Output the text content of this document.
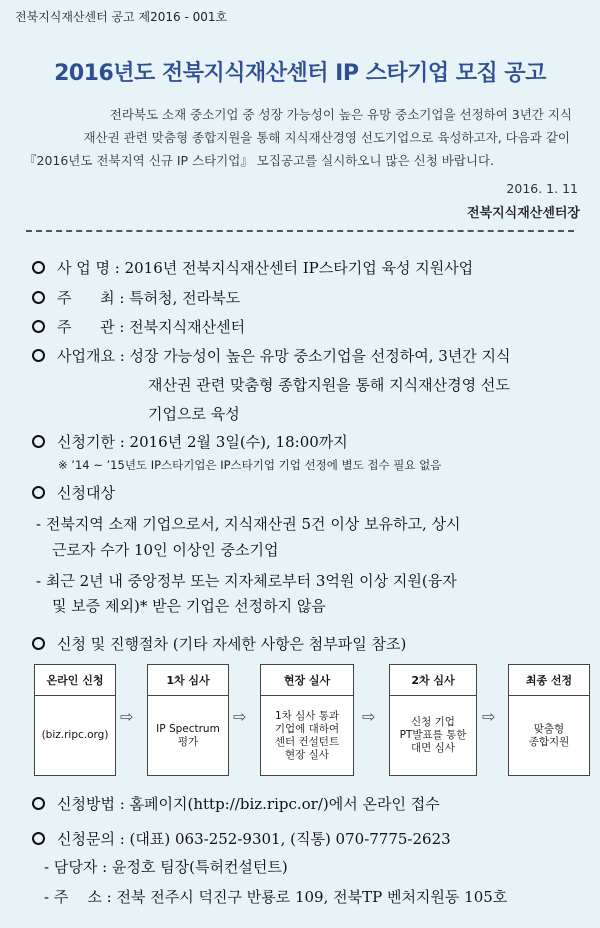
전북지식재산센터 공고 제2016 - 001호
2016년도 전북지식재산센터 IP 스타기업 모집 공고
전라북도 소재 중소기업 중 성장 가능성이 높은 유망 중소기업을 선정하여 3년간 지식
재산권 관련 맞춤형 종합지원을 통해 지식재산경영 선도기업으로 육성하고자, 다음과 같이
『2016년도 전북지역 신규 IP 스타기업』 모집공고를 실시하오니 많은 신청 바랍니다.
2016. 1. 11
전북지식재산센터장
사 업 명 : 2016년 전북지식재산센터 IP스타기업 육성 지원사업
주      최 : 특허청, 전라북도
주      관 : 전북지식재산센터
사업개요 : 성장 가능성이 높은 유망 중소기업을 선정하여, 3년간 지식
재산권 관련 맞춤형 종합지원을 통해 지식재산경영 선도
기업으로 육성
신청기한 : 2016년 2월 3일(수), 18:00까지
※ ’14 ~ ’15년도 IP스타기업은 IP스타기업 기업 선정에 별도 접수 필요 없음
신청대상
- 전북지역 소재 기업으로서, 지식재산권 5건 이상 보유하고, 상시
근로자 수가 10인 이상인 중소기업
- 최근 2년 내 중앙정부 또는 지자체로부터 3억원 이상 지원(융자
및 보증 제외)* 받은 기업은 선정하지 않음
신청 및 진행절차 (기타 자세한 사항은 첨부파일 참조)
온라인 신청
(biz.ripc.org)
⇨
1차 심사
IP Spectrum
평가
⇨
현장 실사
1차 심사 통과
기업에 대하여
센터 컨설턴트
현장 실사
⇨
2차 심사
신청 기업
PT발표를 통한
대면 심사
⇨
최종 선정
맞춤형
종합지원
신청방법 : 홈페이지(http://biz.ripc.or/)에서 온라인 접수
신청문의 : (대표) 063-252-9301, (직통) 070-7775-2623
- 담당자 : 윤정호 팀장(특허컨설턴트)
- 주    소 : 전북 전주시 덕진구 반룡로 109, 전북TP 벤처지원동 105호
